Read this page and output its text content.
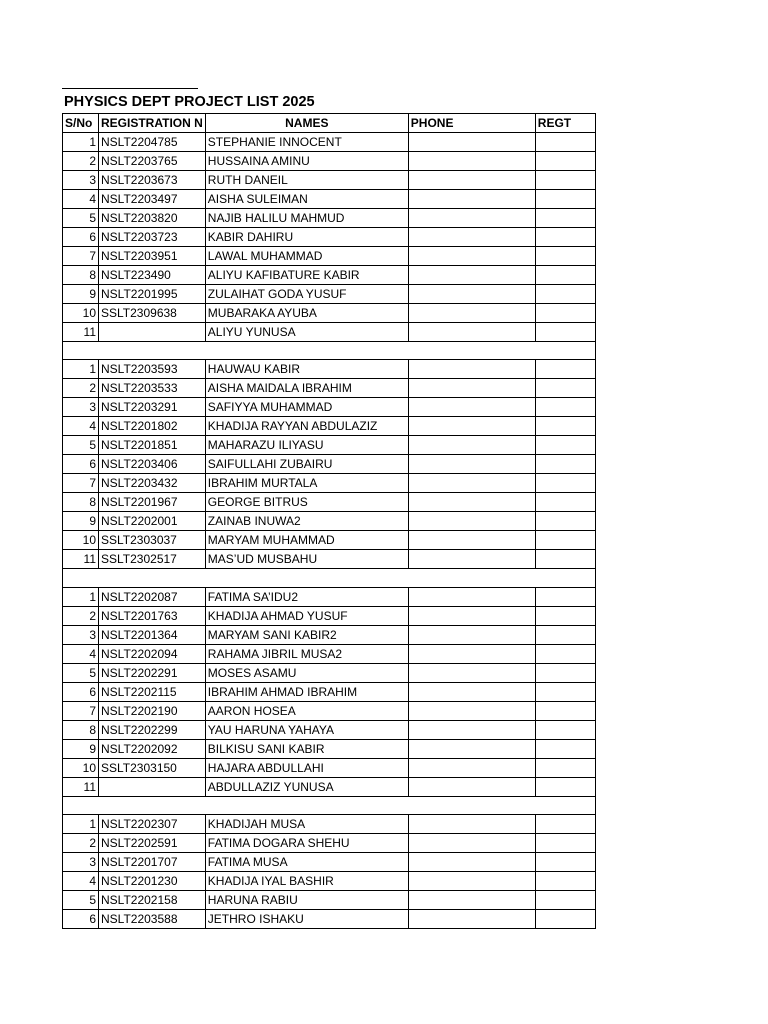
PHYSICS DEPT PROJECT LIST 2025
S/No	REGISTRATION N	NAMES	PHONE	REGT
1	NSLT2204785	STEPHANIE INNOCENT		
2	NSLT2203765	HUSSAINA AMINU		
3	NSLT2203673	RUTH DANEIL		
4	NSLT2203497	AISHA SULEIMAN		
5	NSLT2203820	NAJIB HALILU MAHMUD		
6	NSLT2203723	KABIR DAHIRU		
7	NSLT2203951	LAWAL MUHAMMAD		
8	NSLT223490	ALIYU KAFIBATURE KABIR		
9	NSLT2201995	ZULAIHAT GODA YUSUF		
10	SSLT2309638	MUBARAKA AYUBA		
11		ALIYU YUNUSA		

1	NSLT2203593	HAUWAU KABIR		
2	NSLT2203533	AISHA MAIDALA IBRAHIM		
3	NSLT2203291	SAFIYYA MUHAMMAD		
4	NSLT2201802	KHADIJA RAYYAN ABDULAZIZ		
5	NSLT2201851	MAHARAZU ILIYASU		
6	NSLT2203406	SAIFULLAHI ZUBAIRU		
7	NSLT2203432	IBRAHIM MURTALA		
8	NSLT2201967	GEORGE BITRUS		
9	NSLT2202001	ZAINAB INUWA2		
10	SSLT2303037	MARYAM MUHAMMAD		
11	SSLT2302517	MAS’UD MUSBAHU		

1	NSLT2202087	FATIMA SA’IDU2		
2	NSLT2201763	KHADIJA AHMAD YUSUF		
3	NSLT2201364	MARYAM SANI KABIR2		
4	NSLT2202094	RAHAMA JIBRIL MUSA2		
5	NSLT2202291	MOSES ASAMU		
6	NSLT2202115	IBRAHIM AHMAD IBRAHIM		
7	NSLT2202190	AARON HOSEA		
8	NSLT2202299	YAU HARUNA YAHAYA		
9	NSLT2202092	BILKISU SANI KABIR		
10	SSLT2303150	HAJARA ABDULLAHI		
11		ABDULLAZIZ YUNUSA		

1	NSLT2202307	KHADIJAH MUSA		
2	NSLT2202591	FATIMA DOGARA SHEHU		
3	NSLT2201707	FATIMA MUSA		
4	NSLT2201230	KHADIJA IYAL BASHIR		
5	NSLT2202158	HARUNA RABIU		
6	NSLT2203588	JETHRO ISHAKU		
